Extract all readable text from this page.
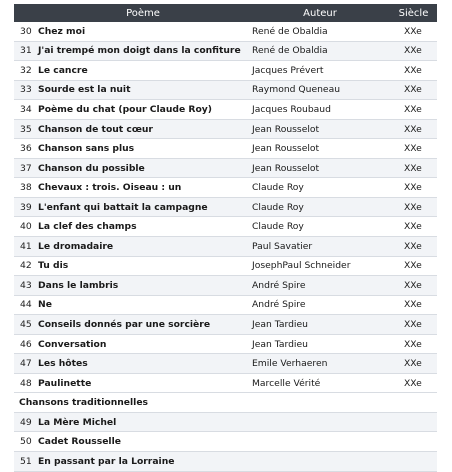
	Poème	Auteur	Siècle
30	Chez moi	René de Obaldia	XXe
31	J'ai trempé mon doigt dans la confiture	René de Obaldia	XXe
32	Le cancre	Jacques Prévert	XXe
33	Sourde est la nuit	Raymond Queneau	XXe
34	Poème du chat (pour Claude Roy)	Jacques Roubaud	XXe
35	Chanson de tout cœur	Jean Rousselot	XXe
36	Chanson sans plus	Jean Rousselot	XXe
37	Chanson du possible	Jean Rousselot	XXe
38	Chevaux : trois. Oiseau : un	Claude Roy	XXe
39	L'enfant qui battait la campagne	Claude Roy	XXe
40	La clef des champs	Claude Roy	XXe
41	Le dromadaire	Paul Savatier	XXe
42	Tu dis	JosephPaul Schneider	XXe
43	Dans le lambris	André Spire	XXe
44	Ne	André Spire	XXe
45	Conseils donnés par une sorcière	Jean Tardieu	XXe
46	Conversation	Jean Tardieu	XXe
47	Les hôtes	Emile Verhaeren	XXe
48	Paulinette	Marcelle Vérité	XXe
Chansons traditionnelles			
49	La Mère Michel		
50	Cadet Rousselle		
51	En passant par la Lorraine		
